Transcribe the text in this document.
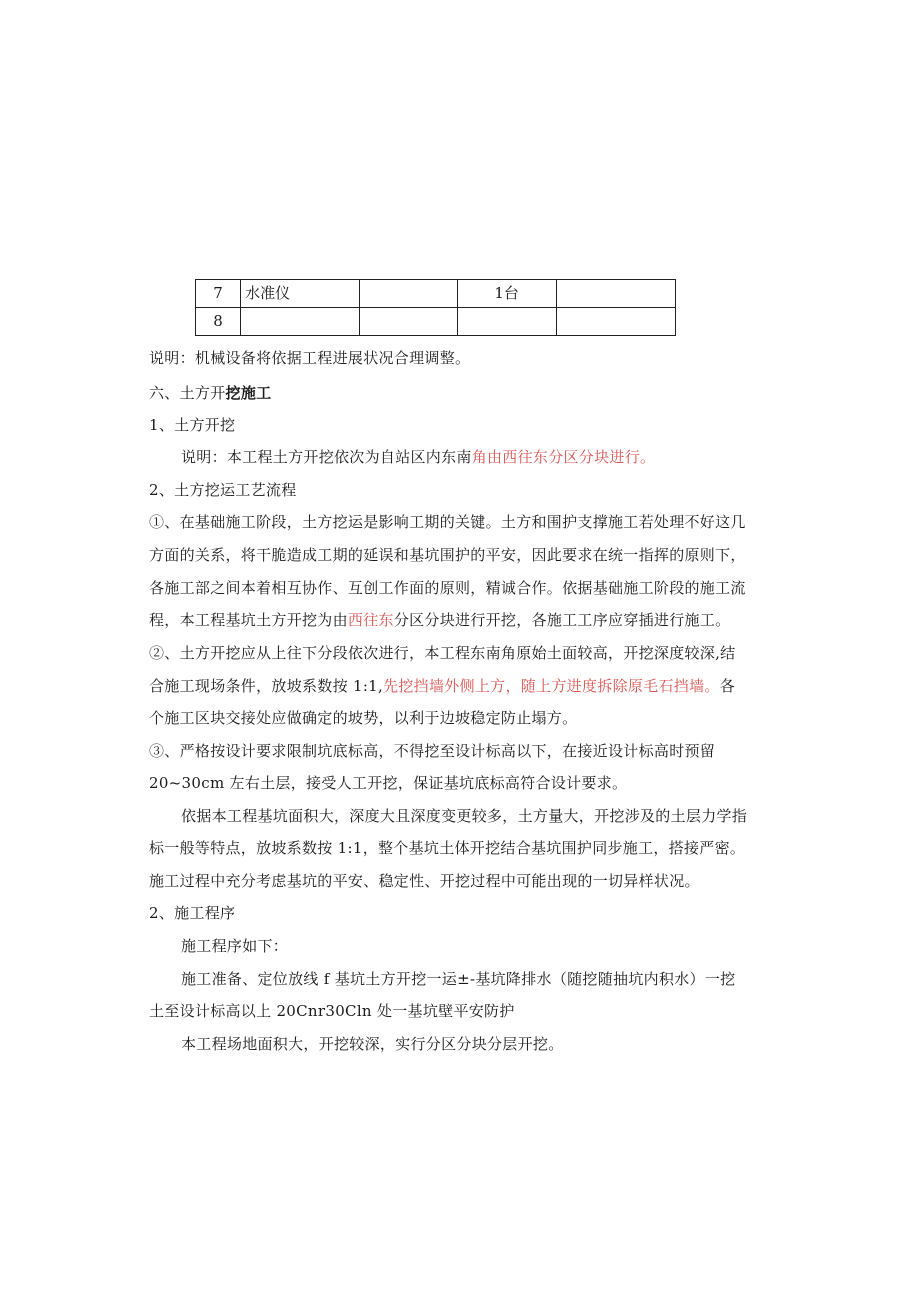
7	水准仪		1台	
8				
说明：机械设备将依据工程进展状况合理调整。
六、土方开挖施工
1、土方开挖
说明：本工程土方开挖依次为自站区内东南角由西往东分区分块进行。
2、土方挖运工艺流程
①、在基础施工阶段，土方挖运是影响工期的关键。土方和围护支撑施工若处理不好这几
方面的关系，将干脆造成工期的延误和基坑围护的平安，因此要求在统一指挥的原则下，
各施工部之间本着相互协作、互创工作面的原则，精诚合作。依据基础施工阶段的施工流
程，本工程基坑土方开挖为由西往东分区分块进行开挖，各施工工序应穿插进行施工。
②、土方开挖应从上往下分段依次进行，本工程东南角原始土面较高，开挖深度较深,结
合施工现场条件，放坡系数按 1:1,先挖挡墙外侧上方，随上方进度拆除原毛石挡墙。各
个施工区块交接处应做确定的坡势，以利于边坡稳定防止塌方。
③、严格按设计要求限制坑底标高，不得挖至设计标高以下，在接近设计标高时预留
20~30cm 左右土层，接受人工开挖，保证基坑底标高符合设计要求。
依据本工程基坑面积大，深度大且深度变更较多，土方量大，开挖涉及的土层力学指
标一般等特点，放坡系数按 1:1，整个基坑土体开挖结合基坑围护同步施工，搭接严密。
施工过程中充分考虑基坑的平安、稳定性、开挖过程中可能出现的一切异样状况。
2、施工程序
施工程序如下：
施工准备、定位放线 f 基坑土方开挖一运±-基坑降排水（随挖随抽坑内积水）一挖
土至设计标高以上 20Cnr30Cln 处一基坑壁平安防护
本工程场地面积大，开挖较深，实行分区分块分层开挖。
